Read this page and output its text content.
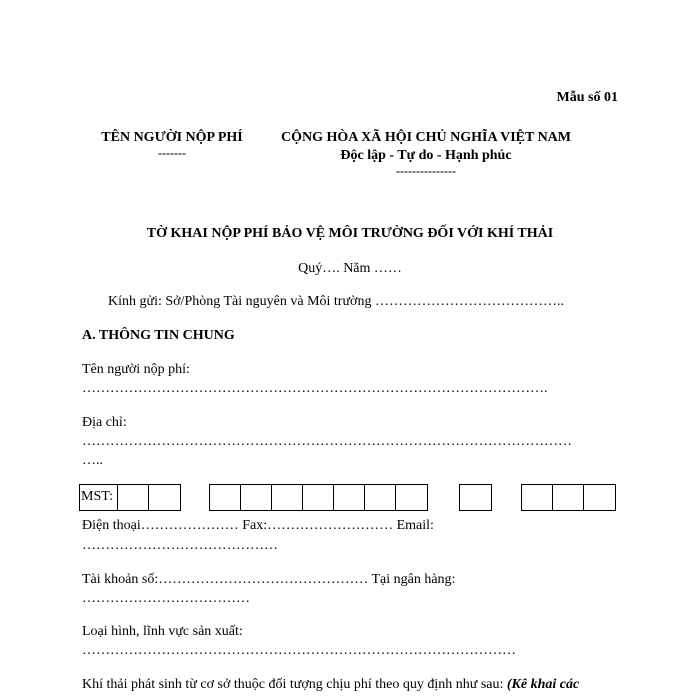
Mẫu số 01
TÊN NGƯỜI NỘP PHÍ
-------
CỘNG HÒA XÃ HỘI CHỦ NGHĨA VIỆT NAM
Độc lập - Tự do - Hạnh phúc
---------------
TỜ KHAI NỘP PHÍ BẢO VỆ MÔI TRƯỜNG ĐỐI VỚI KHÍ THẢI
Quý…. Năm ……
Kính gửi: Sở/Phòng Tài nguyên và Môi trường …………………………………..
A. THÔNG TIN CHUNG
Tên người nộp phí:
……………………………………………………………………………………….
Địa chỉ:
……………………………………………………………………………………………
…..
MST:
Điện thoại………………… Fax:……………………… Email:
……………………………………
Tài khoản số:……………………………………… Tại ngân hàng:
………………………………
Loại hình, lĩnh vực sản xuất:
…………………………………………………………………………………
Khí thải phát sinh từ cơ sở thuộc đối tượng chịu phí theo quy định như sau: (Kê khai các
